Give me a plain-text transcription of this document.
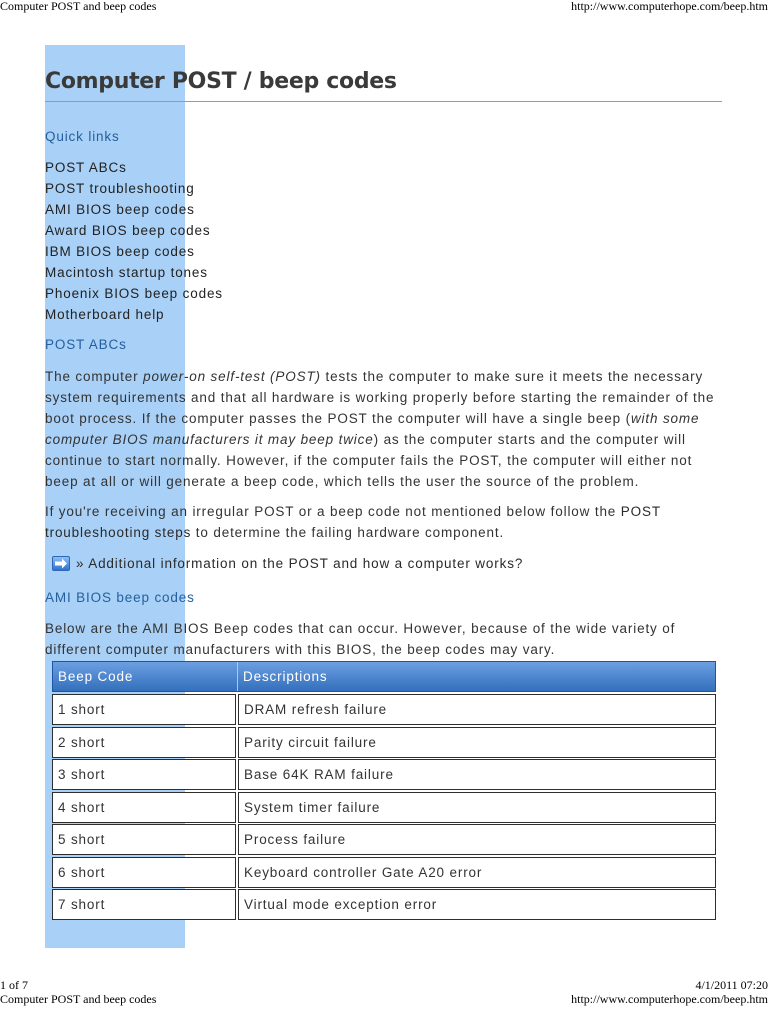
Computer POST and beep codes	http://www.computerhope.com/beep.htm
Computer POST / beep codes
Quick links
POST ABCs
POST troubleshooting
AMI BIOS beep codes
Award BIOS beep codes
IBM BIOS beep codes
Macintosh startup tones
Phoenix BIOS beep codes
Motherboard help
POST ABCs
The computer power-on self-test (POST) tests the computer to make sure it meets the necessary
system requirements and that all hardware is working properly before starting the remainder of the
boot process. If the computer passes the POST the computer will have a single beep (with some
computer BIOS manufacturers it may beep twice) as the computer starts and the computer will
continue to start normally. However, if the computer fails the POST, the computer will either not
beep at all or will generate a beep code, which tells the user the source of the problem.
If you're receiving an irregular POST or a beep code not mentioned below follow the POST
troubleshooting steps to determine the failing hardware component.
» Additional information on the POST and how a computer works?
AMI BIOS beep codes
Below are the AMI BIOS Beep codes that can occur. However, because of the wide variety of
different computer manufacturers with this BIOS, the beep codes may vary.
Beep Code	Descriptions
1 short	DRAM refresh failure
2 short	Parity circuit failure
3 short	Base 64K RAM failure
4 short	System timer failure
5 short	Process failure
6 short	Keyboard controller Gate A20 error
7 short	Virtual mode exception error
1 of 7	4/1/2011 07:20
Computer POST and beep codes	http://www.computerhope.com/beep.htm
